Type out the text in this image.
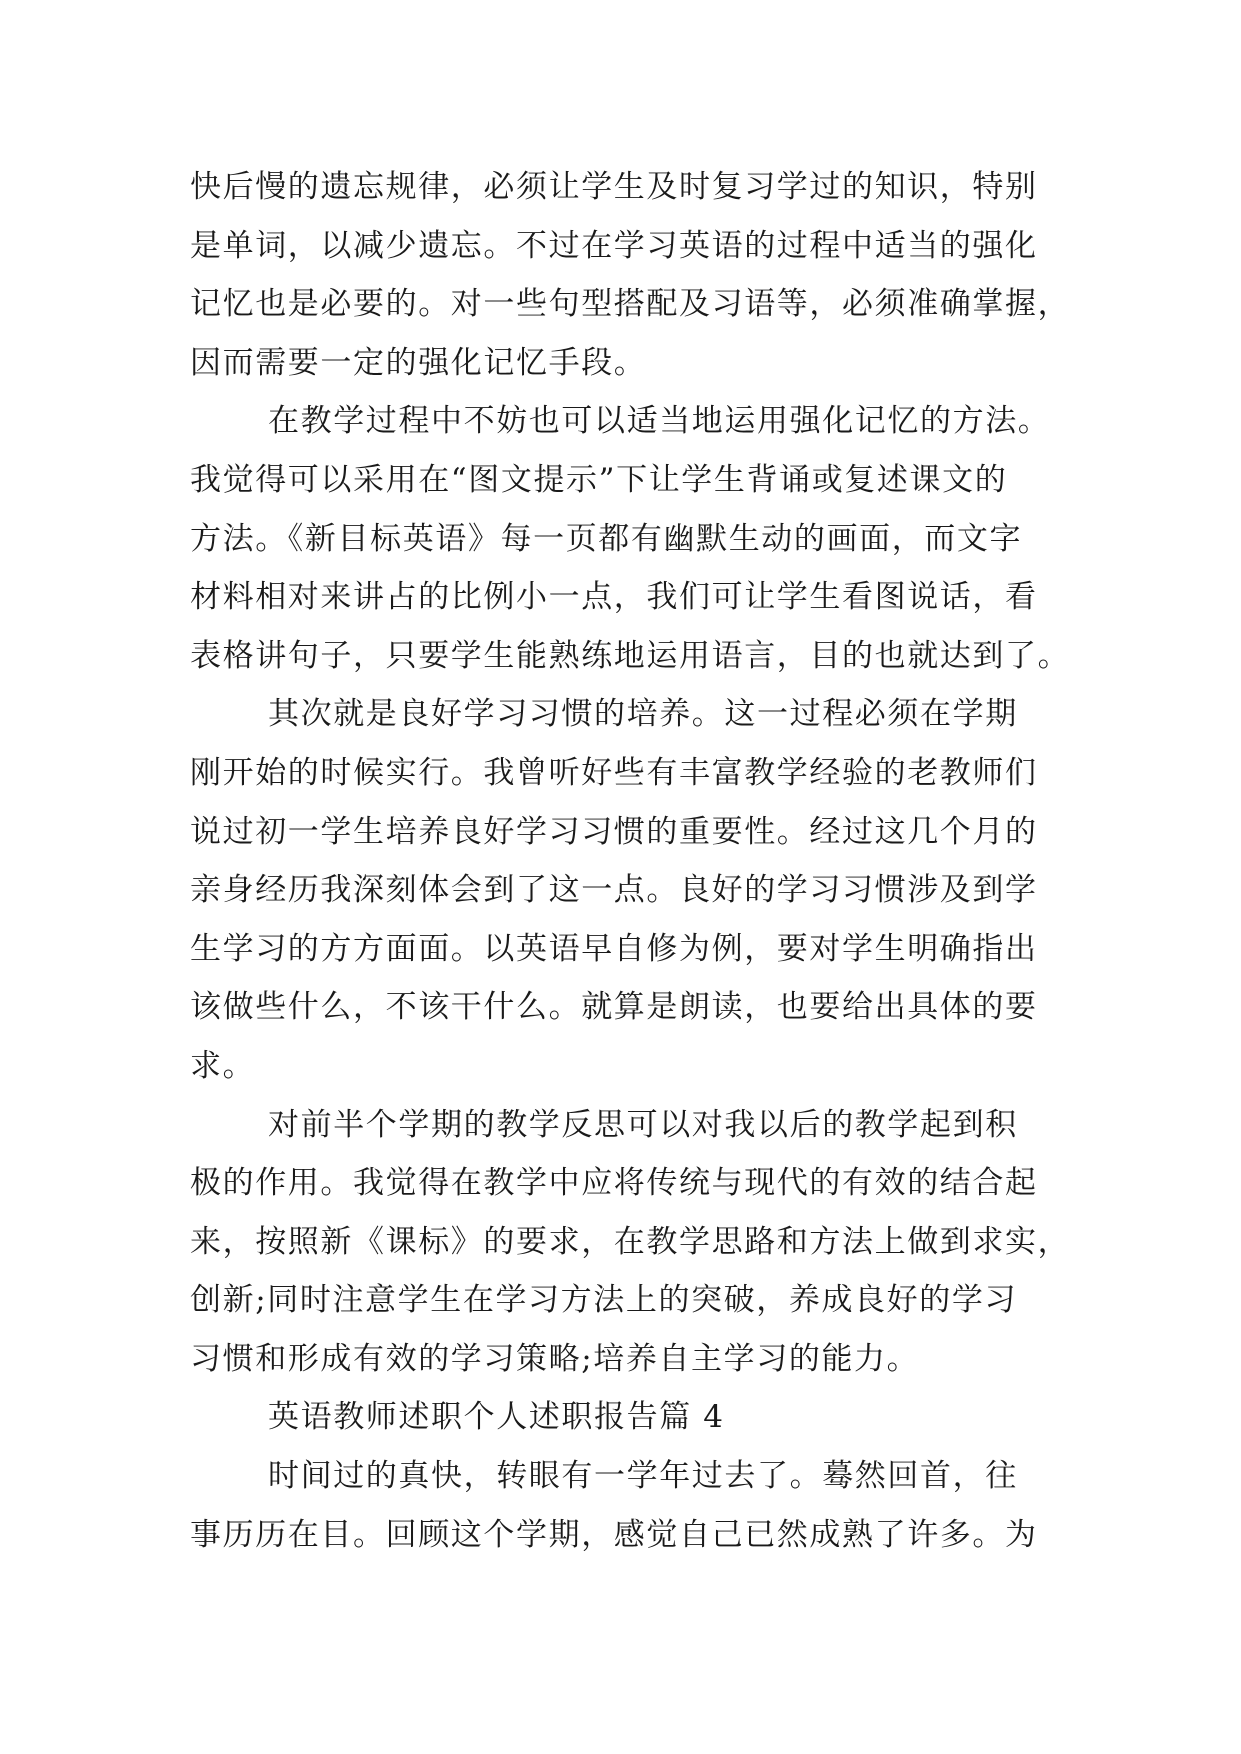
快后慢的遗忘规律，必须让学生及时复习学过的知识，特别
是单词，以减少遗忘。不过在学习英语的过程中适当的强化
记忆也是必要的。对一些句型搭配及习语等，必须准确掌握，
因而需要一定的强化记忆手段。
在教学过程中不妨也可以适当地运用强化记忆的方法。
我觉得可以采用在“图文提示”下让学生背诵或复述课文的
方法。《新目标英语》每一页都有幽默生动的画面，而文字
材料相对来讲占的比例小一点，我们可让学生看图说话，看
表格讲句子，只要学生能熟练地运用语言，目的也就达到了。
其次就是良好学习习惯的培养。这一过程必须在学期
刚开始的时候实行。我曾听好些有丰富教学经验的老教师们
说过初一学生培养良好学习习惯的重要性。经过这几个月的
亲身经历我深刻体会到了这一点。良好的学习习惯涉及到学
生学习的方方面面。以英语早自修为例，要对学生明确指出
该做些什么，不该干什么。就算是朗读，也要给出具体的要
求。
对前半个学期的教学反思可以对我以后的教学起到积
极的作用。我觉得在教学中应将传统与现代的有效的结合起
来，按照新《课标》的要求，在教学思路和方法上做到求实，
创新;同时注意学生在学习方法上的突破，养成良好的学习
习惯和形成有效的学习策略;培养自主学习的能力。
英语教师述职个人述职报告篇 4
时间过的真快，转眼有一学年过去了。蓦然回首，往
事历历在目。回顾这个学期，感觉自己已然成熟了许多。为
